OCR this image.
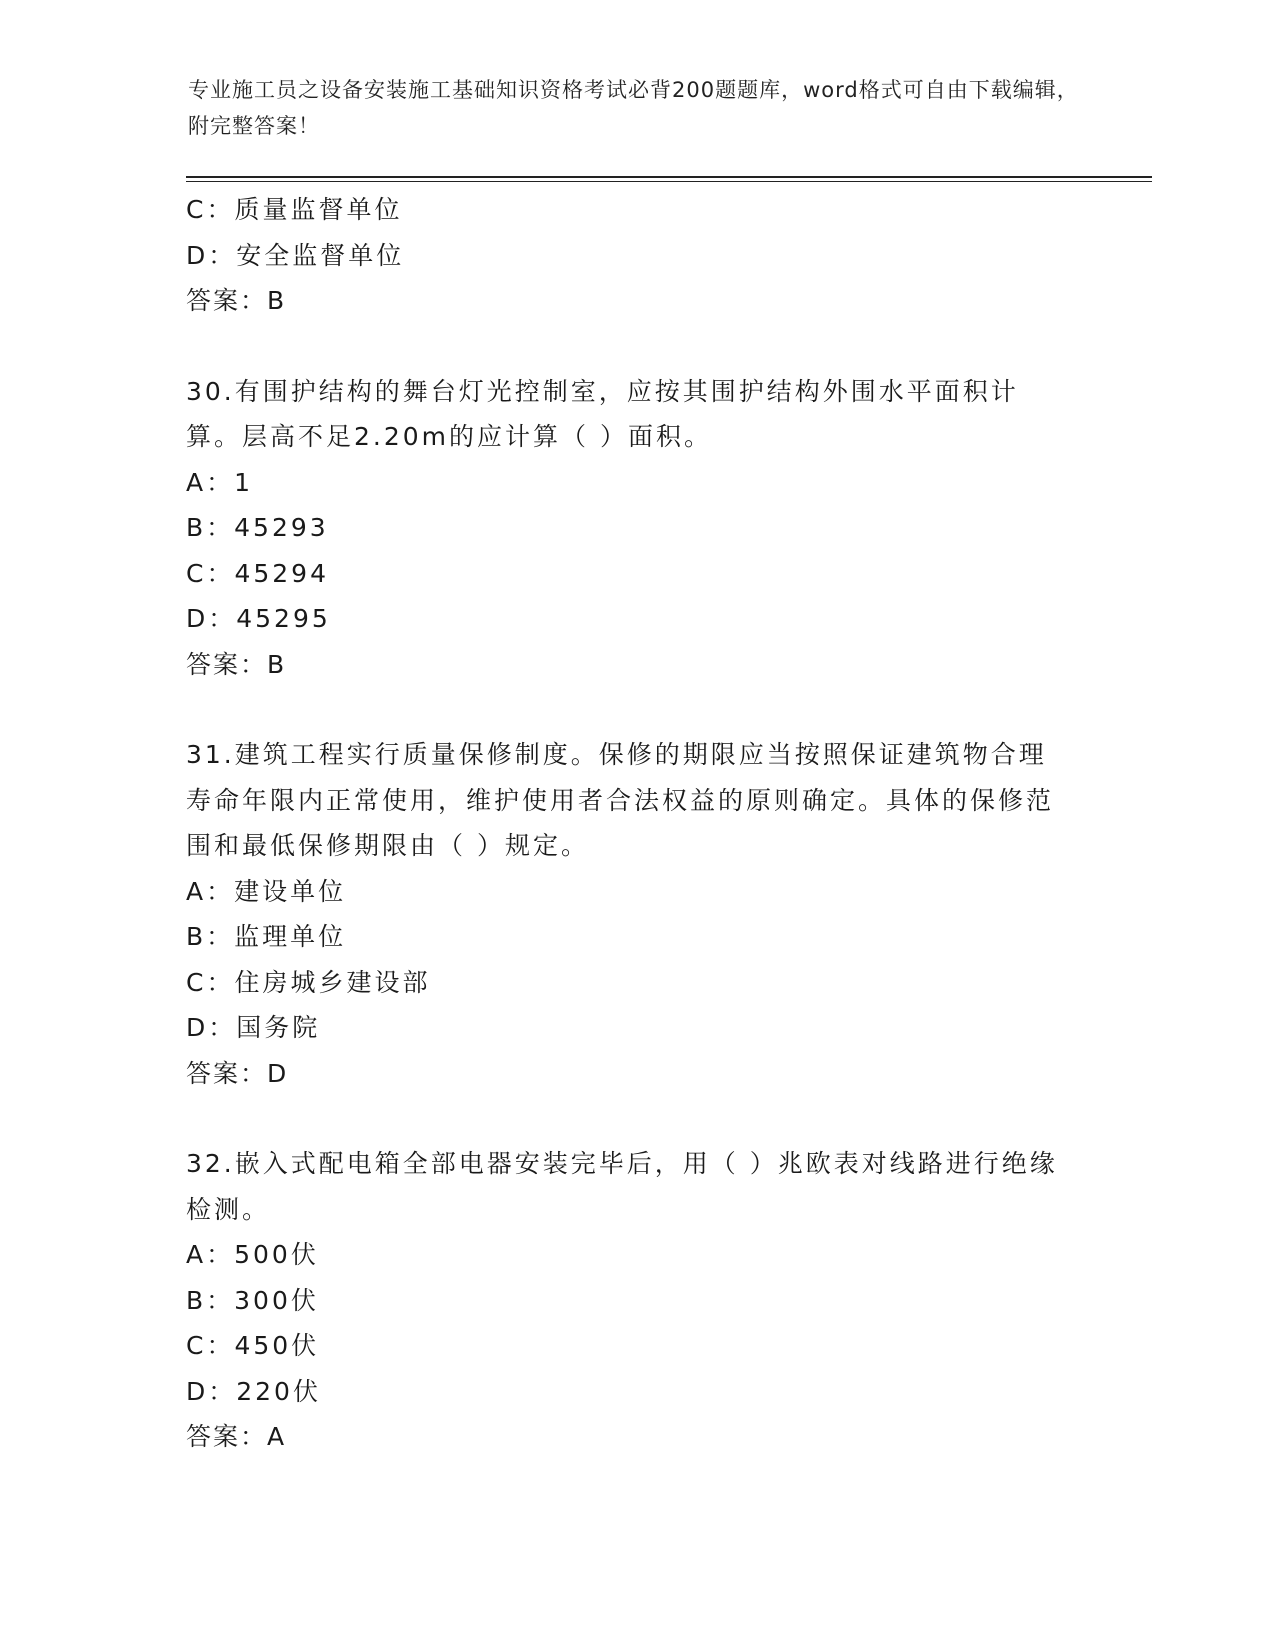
专业施工员之设备安装施工基础知识资格考试必背200题题库，word格式可自由下载编辑，附完整答案！
C：质量监督单位
D：安全监督单位
答案：B
30.有围护结构的舞台灯光控制室，应按其围护结构外围水平面积计算。层高不足2.20m的应计算（ ）面积。
A：1
B：45293
C：45294
D：45295
答案：B
31.建筑工程实行质量保修制度。保修的期限应当按照保证建筑物合理寿命年限内正常使用，维护使用者合法权益的原则确定。具体的保修范围和最低保修期限由（ ）规定。
A：建设单位
B：监理单位
C：住房城乡建设部
D：国务院
答案：D
32.嵌入式配电箱全部电器安装完毕后，用（ ）兆欧表对线路进行绝缘检测。
A：500伏
B：300伏
C：450伏
D：220伏
答案：A
